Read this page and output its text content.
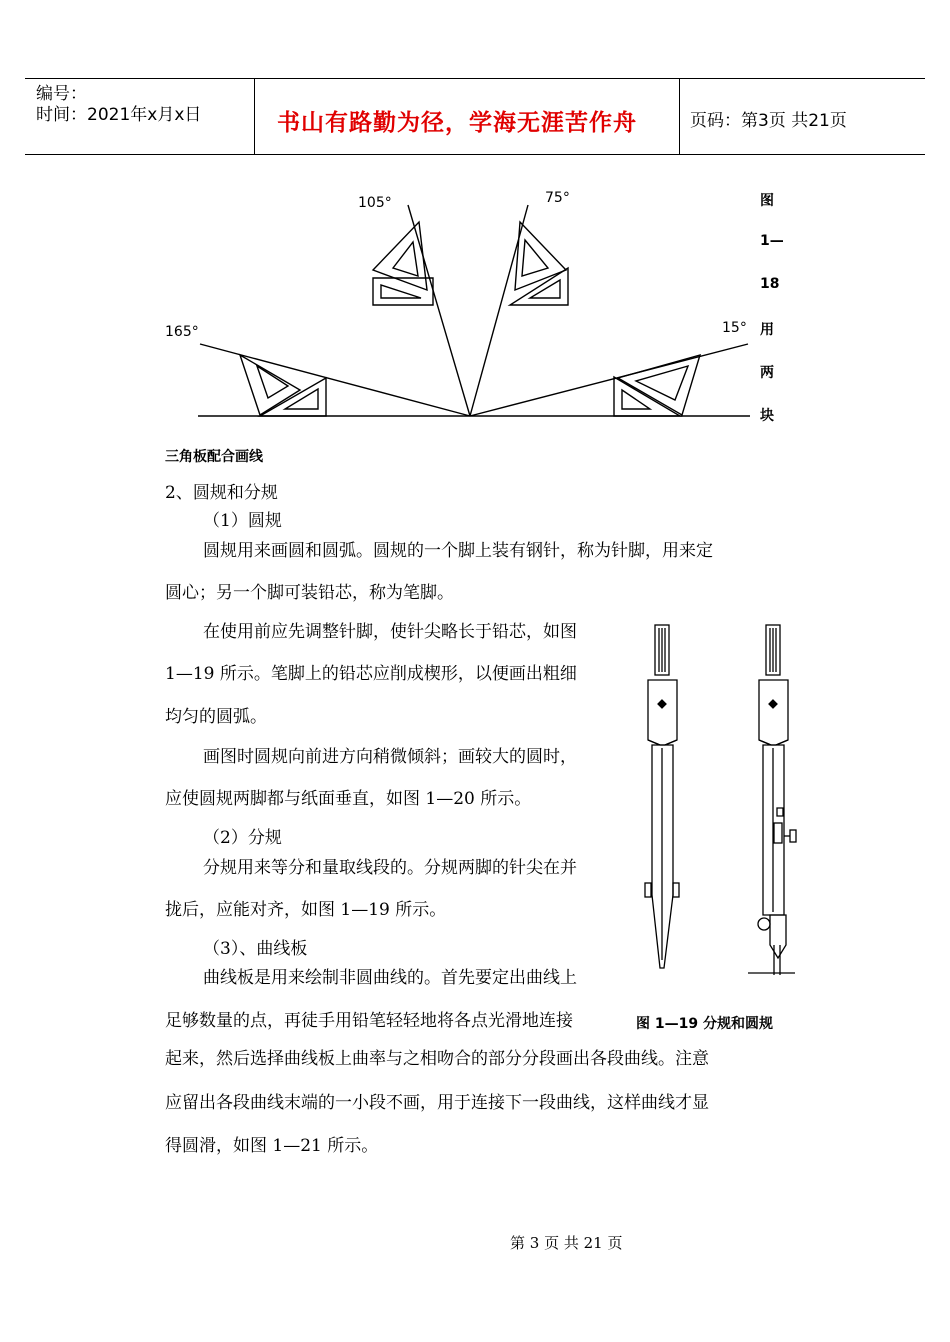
编号：
时间：2021年x月x日	书山有路勤为径，学海无涯苦作舟	页码：第3页 共21页
105°	75°
165°	15°
图
1—
18
用
两
块
三角板配合画线
2、圆规和分规
（1）圆规
圆规用来画圆和圆弧。圆规的一个脚上装有钢针，称为针脚，用来定
圆心；另一个脚可装铅芯，称为笔脚。
在使用前应先调整针脚，使针尖略长于铅芯，如图
1—19 所示。笔脚上的铅芯应削成楔形，以便画出粗细
均匀的圆弧。
画图时圆规向前进方向稍微倾斜；画较大的圆时，
应使圆规两脚都与纸面垂直，如图 1—20 所示。
（2）分规
分规用来等分和量取线段的。分规两脚的针尖在并
拢后，应能对齐，如图 1—19 所示。
（3）、曲线板
曲线板是用来绘制非圆曲线的。首先要定出曲线上
足够数量的点，再徒手用铅笔轻轻地将各点光滑地连接	图 1—19 分规和圆规
起来，然后选择曲线板上曲率与之相吻合的部分分段画出各段曲线。注意
应留出各段曲线末端的一小段不画，用于连接下一段曲线，这样曲线才显
得圆滑，如图 1—21 所示。
第 3 页 共 21 页
